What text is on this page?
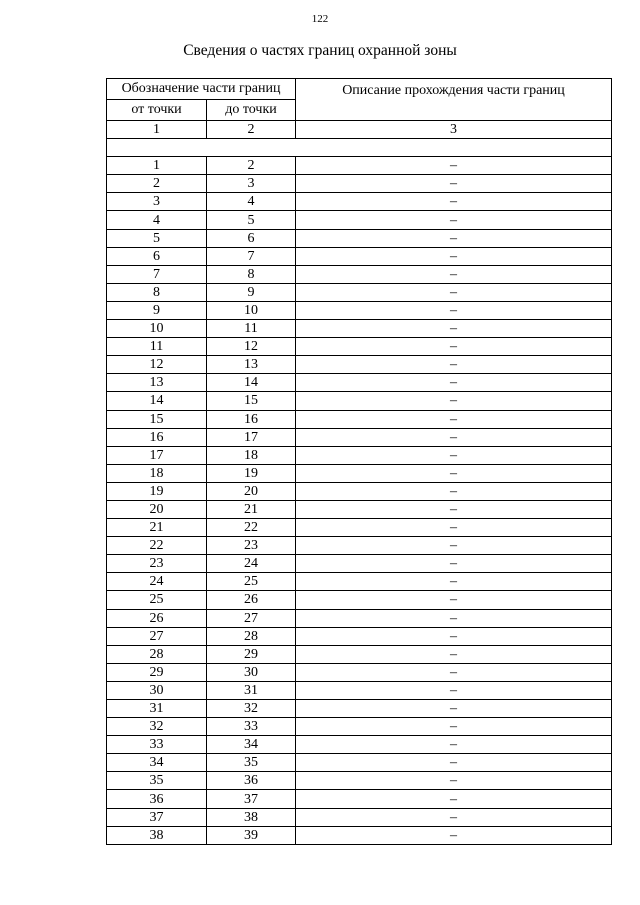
122
Сведения о частях границ охранной зоны
Обозначение части границ		Описание прохождения части границ
от точки	до точки	
1	2	3

1	2	–
2	3	–
3	4	–
4	5	–
5	6	–
6	7	–
7	8	–
8	9	–
9	10	–
10	11	–
11	12	–
12	13	–
13	14	–
14	15	–
15	16	–
16	17	–
17	18	–
18	19	–
19	20	–
20	21	–
21	22	–
22	23	–
23	24	–
24	25	–
25	26	–
26	27	–
27	28	–
28	29	–
29	30	–
30	31	–
31	32	–
32	33	–
33	34	–
34	35	–
35	36	–
36	37	–
37	38	–
38	39	–
